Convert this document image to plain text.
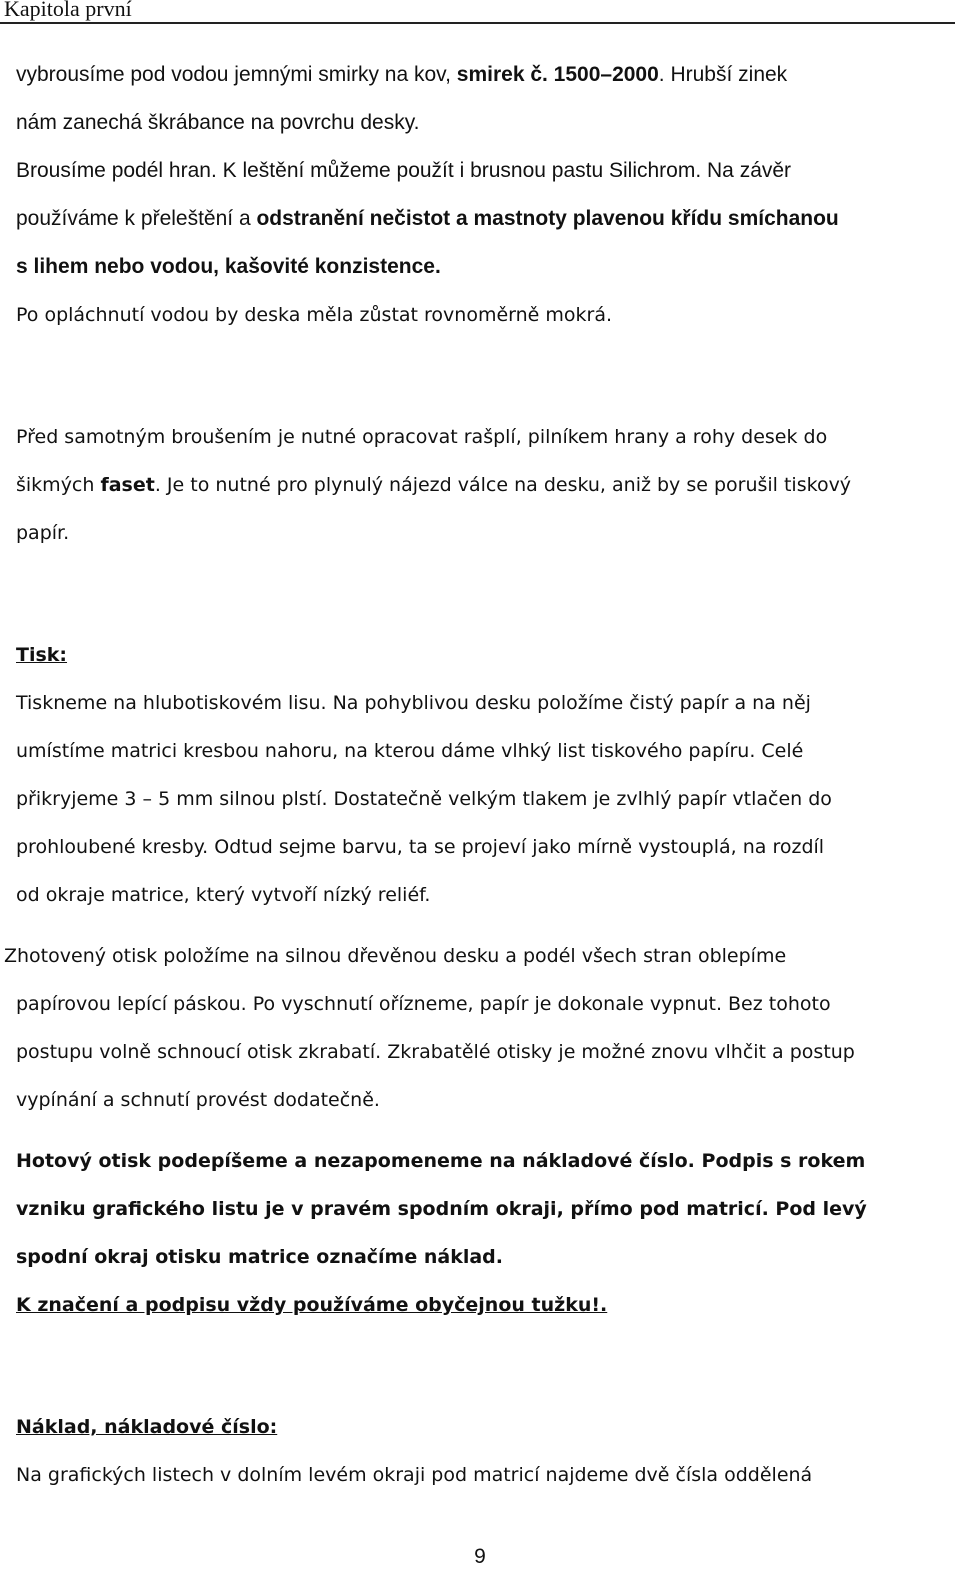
Kapitola první
vybrousíme pod vodou jemnými smirky na kov, smirek č. 1500–2000. Hrubší zinek
nám zanechá škrábance na povrchu desky.
Brousíme podél hran. K leštění můžeme použít i brusnou pastu Silichrom. Na závěr
používáme k přeleštění a odstranění nečistot a mastnoty plavenou křídu smíchanou
s lihem nebo vodou, kašovité konzistence.
Po opláchnutí vodou by deska měla zůstat rovnoměrně mokrá.
Před samotným broušením je nutné opracovat rašplí, pilníkem hrany a rohy desek do
šikmých faset. Je to nutné pro plynulý nájezd válce na desku, aniž by se porušil tiskový
papír.
Tisk:
Tiskneme na hlubotiskovém lisu. Na pohyblivou desku položíme čistý papír a na něj
umístíme matrici kresbou nahoru, na kterou dáme vlhký list tiskového papíru. Celé
přikryjeme 3 – 5 mm silnou plstí. Dostatečně velkým tlakem je zvlhlý papír vtlačen do
prohloubené kresby. Odtud sejme barvu, ta se projeví jako mírně vystouplá, na rozdíl
od okraje matrice, který vytvoří nízký reliéf.
Zhotovený otisk položíme na silnou dřevěnou desku a podél všech stran oblepíme
papírovou lepící páskou. Po vyschnutí ořízneme, papír je dokonale vypnut. Bez tohoto
postupu volně schnoucí otisk zkrabatí. Zkrabatělé otisky je možné znovu vlhčit a postup
vypínání a schnutí provést dodatečně.
Hotový otisk podepíšeme a nezapomeneme na nákladové číslo. Podpis s rokem
vzniku grafického listu je v pravém spodním okraji, přímo pod matricí. Pod levý
spodní okraj otisku matrice označíme náklad.
K značení a podpisu vždy používáme obyčejnou tužku!.
Náklad, nákladové číslo:
Na grafických listech v dolním levém okraji pod matricí najdeme dvě čísla oddělená
9
